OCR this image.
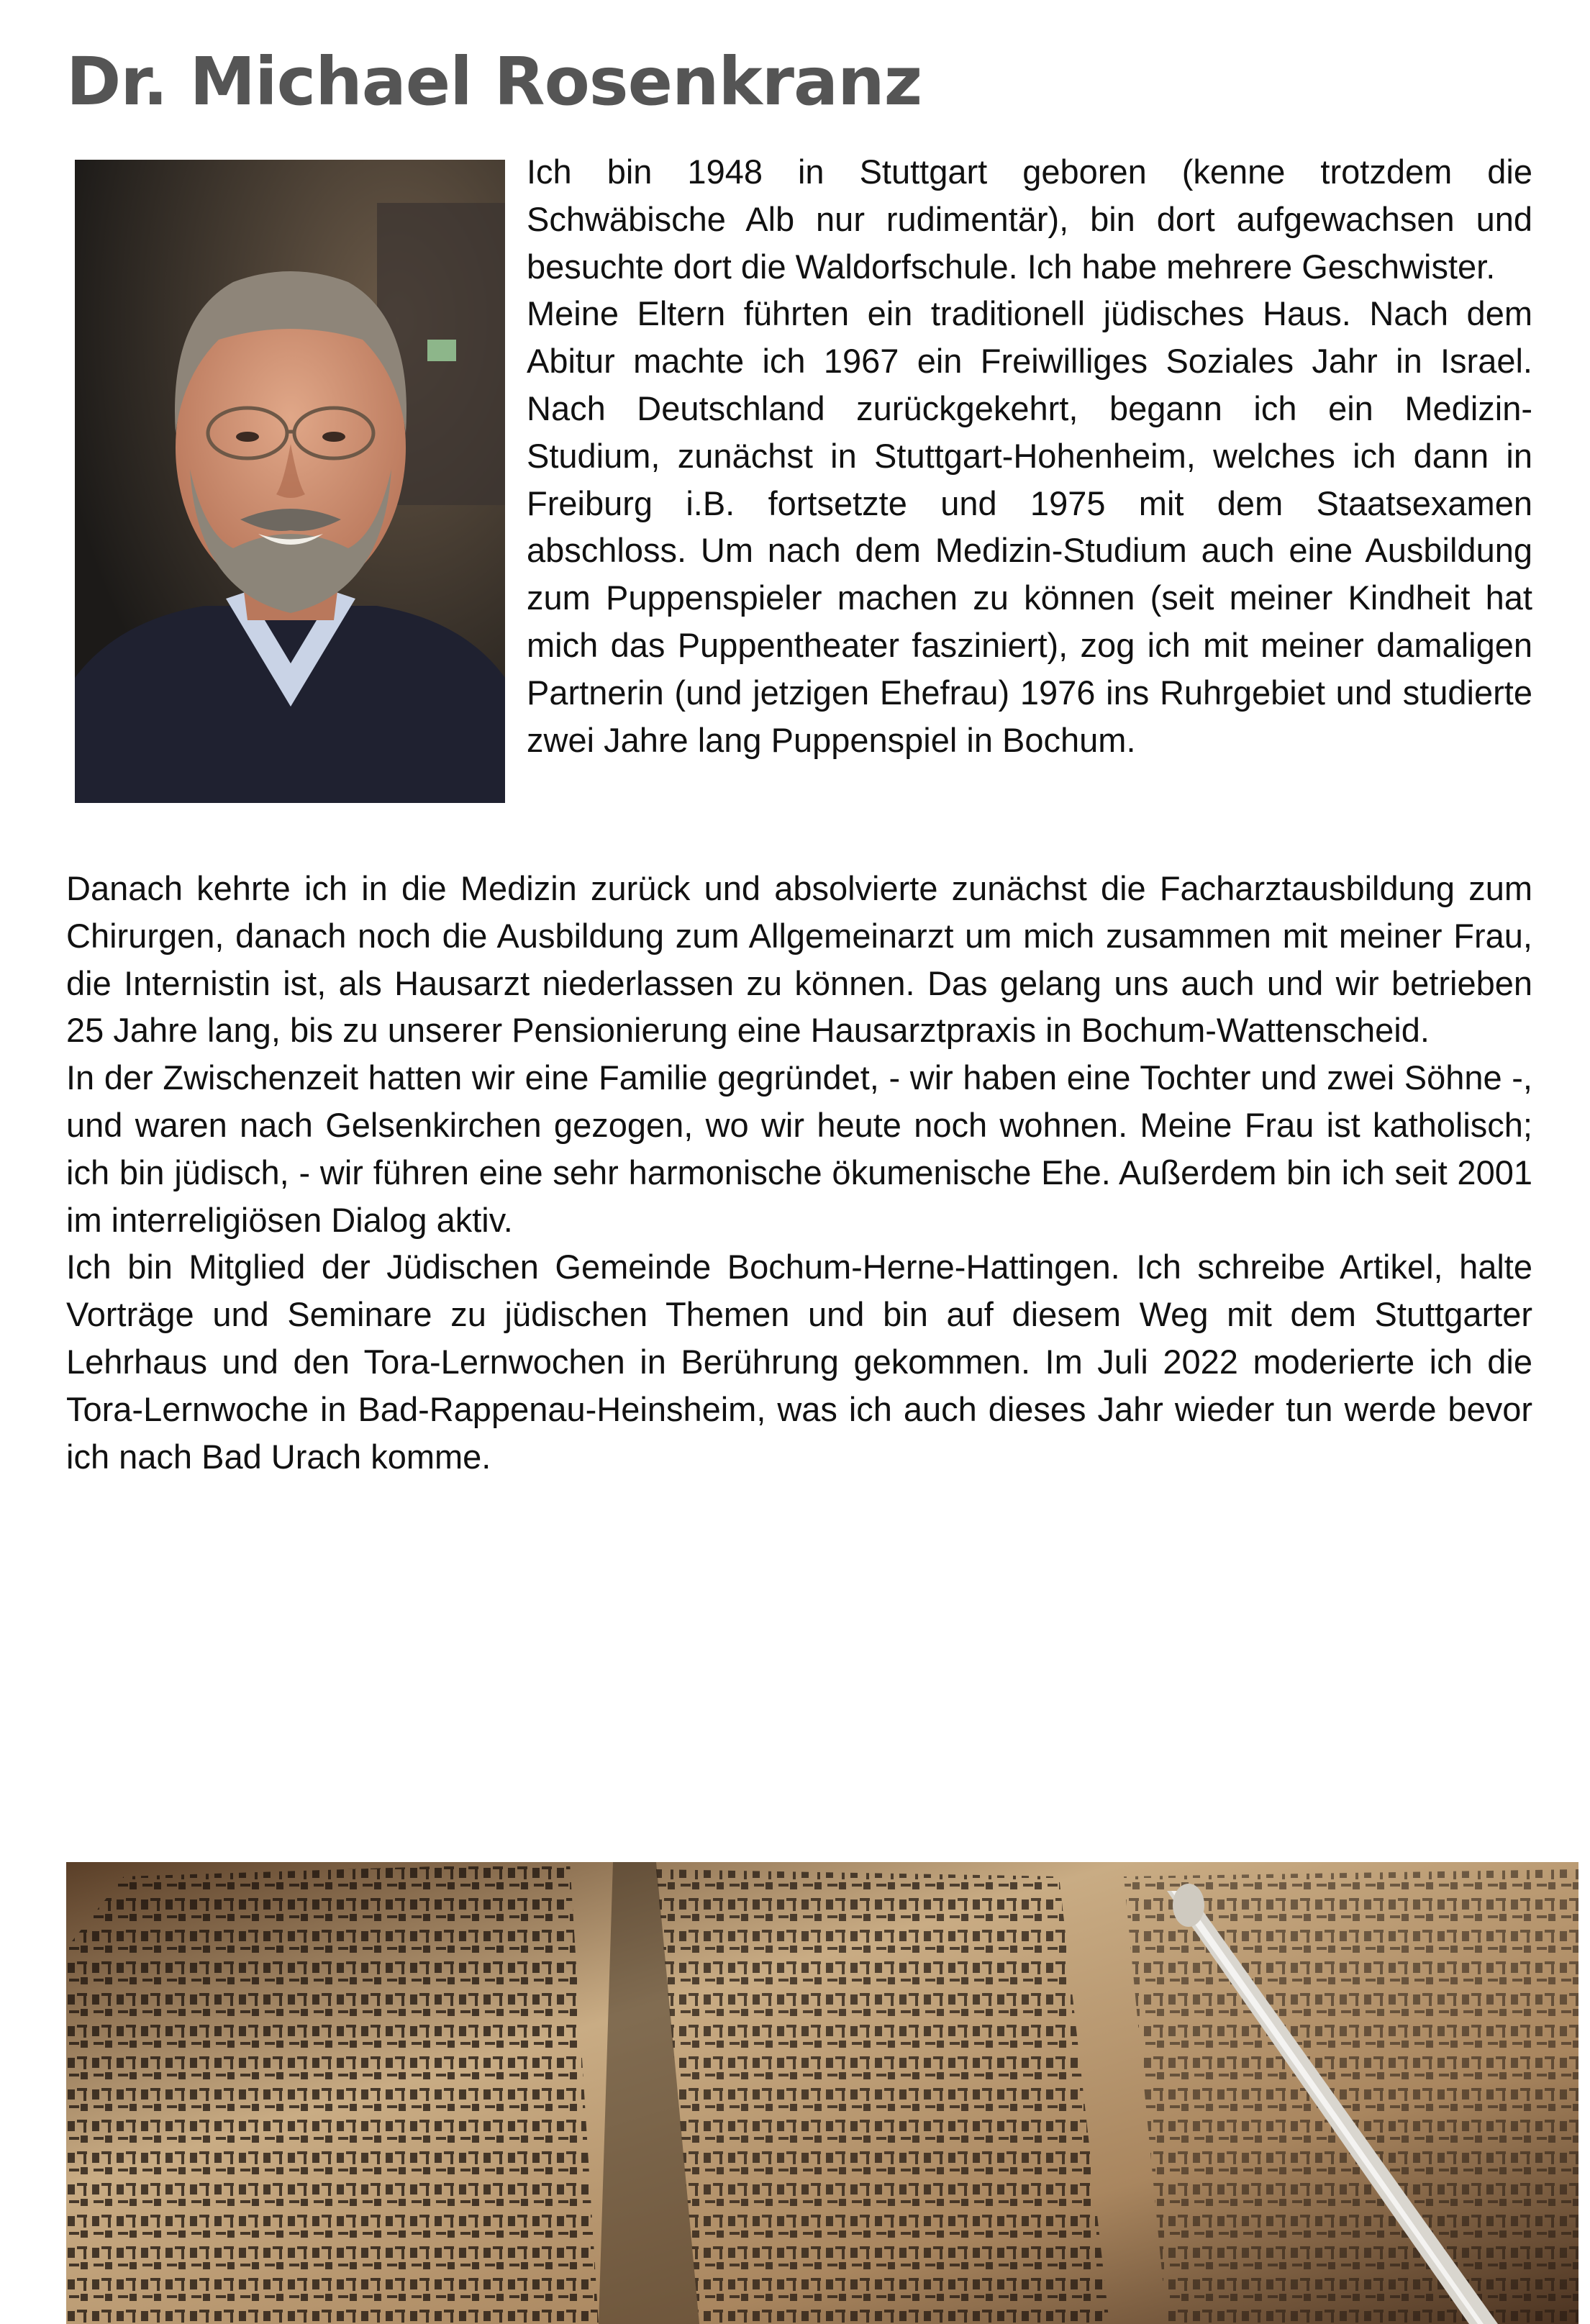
Dr. Michael Rosenkranz

Ich bin 1948 in Stuttgart geboren (kenne trotzdem die Schwäbische Alb nur rudimentär), bin dort aufgewachsen und besuchte dort die Waldorfschule. Ich habe mehrere Geschwister.

Meine Eltern führten ein traditionell jüdisches Haus. Nach dem Abitur machte ich 1967 ein Freiwilliges Soziales Jahr in Israel. Nach Deutschland zurückgekehrt, begann ich ein Medizin-Studium, zunächst in Stuttgart-Hohenheim, welches ich dann in Freiburg i.B. fortsetzte und 1975 mit dem Staatsexamen abschloss. Um nach dem Medizin-Studium auch eine Ausbildung zum Puppenspieler machen zu können (seit meiner Kindheit hat mich das Puppentheater fasziniert), zog ich mit meiner damaligen Partnerin (und jetzigen Ehefrau) 1976 ins Ruhrgebiet und studierte zwei Jahre lang Puppenspiel in Bochum.

Danach kehrte ich in die Medizin zurück und absolvierte zunächst die Facharztausbildung zum Chirurgen, danach noch die Ausbildung zum Allgemeinarzt um mich zusammen mit meiner Frau, die Internistin ist, als Hausarzt niederlassen zu können. Das gelang uns auch und wir betrieben 25 Jahre lang, bis zu unserer Pensionierung eine Hausarztpraxis in Bochum-Wattenscheid.

In der Zwischenzeit hatten wir eine Familie gegründet, - wir haben eine Tochter und zwei Söhne -, und waren nach Gelsenkirchen gezogen, wo wir heute noch wohnen. Meine Frau ist katholisch; ich bin jüdisch, - wir führen eine sehr harmonische ökumenische Ehe. Außerdem bin ich seit 2001 im interreligiösen Dialog aktiv.

Ich bin Mitglied der Jüdischen Gemeinde Bochum-Herne-Hattingen. Ich schreibe Artikel, halte Vorträge und Seminare zu jüdischen Themen und bin auf diesem Weg mit dem Stuttgarter Lehrhaus und den Tora-Lernwochen in Berührung gekommen. Im Juli 2022 moderierte ich die Tora-Lernwoche in Bad-Rappenau-Heinsheim, was ich auch dieses Jahr wieder tun werde bevor ich nach Bad Urach komme.
